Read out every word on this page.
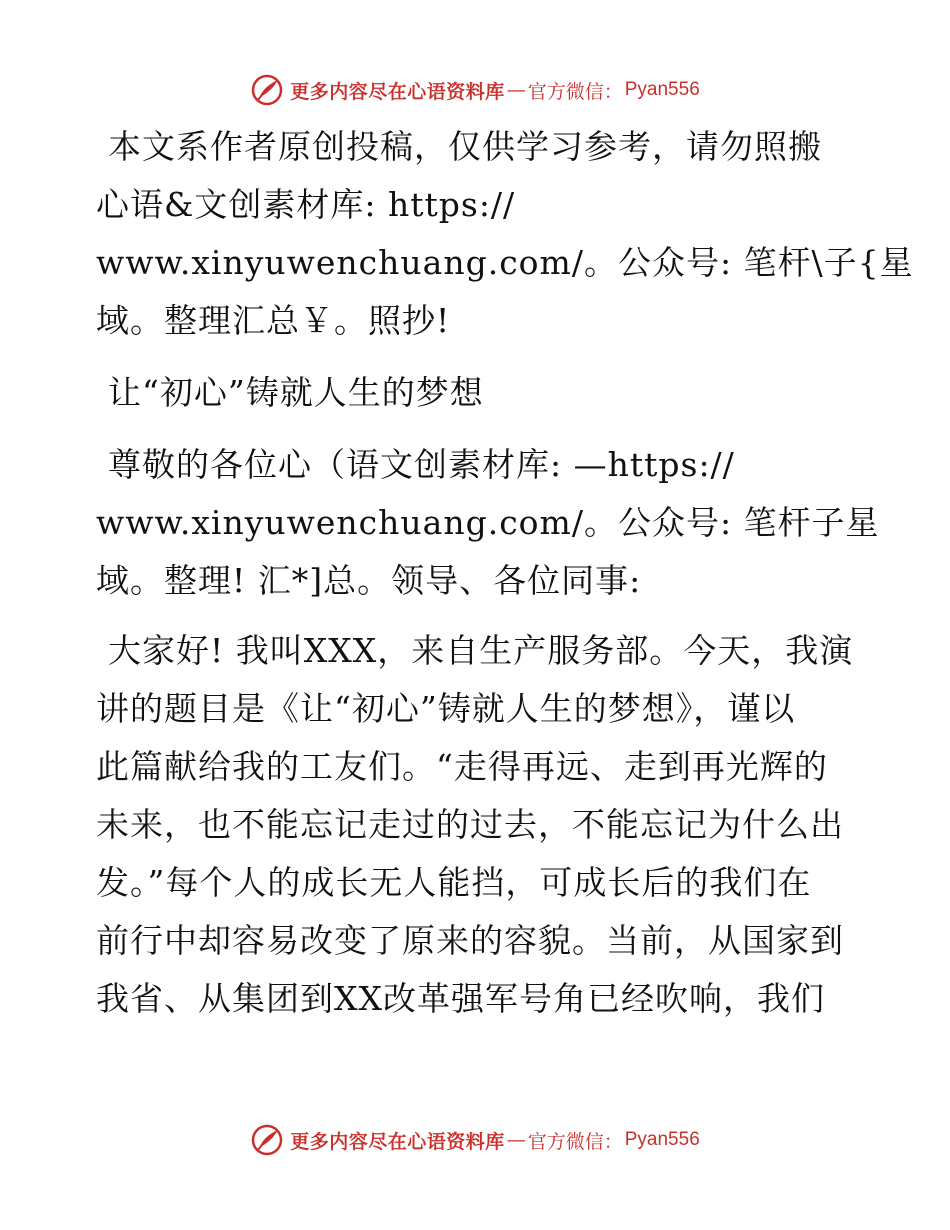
更多内容尽在心语资料库 — 官方微信： Pyan556
本文系作者原创投稿，仅供学习参考，请勿照搬
心语&文创素材库: https://
www.xinyuwenchuang.com/。公众号: 笔杆\子{星
域。整理汇总￥。照抄!
让“初心”铸就人生的梦想
尊敬的各位心（语文创素材库: —https://
www.xinyuwenchuang.com/。公众号: 笔杆子星
域。整理! 汇*]总。领导、各位同事:
大家好! 我叫XXX，来自生产服务部。今天，我演
讲的题目是《让“初心”铸就人生的梦想》，谨以
此篇献给我的工友们。“走得再远、走到再光辉的
未来，也不能忘记走过的过去，不能忘记为什么出
发。”每个人的成长无人能挡，可成长后的我们在
前行中却容易改变了原来的容貌。当前，从国家到
我省、从集团到XX改革强军号角已经吹响，我们
更多内容尽在心语资料库 — 官方微信： Pyan556
